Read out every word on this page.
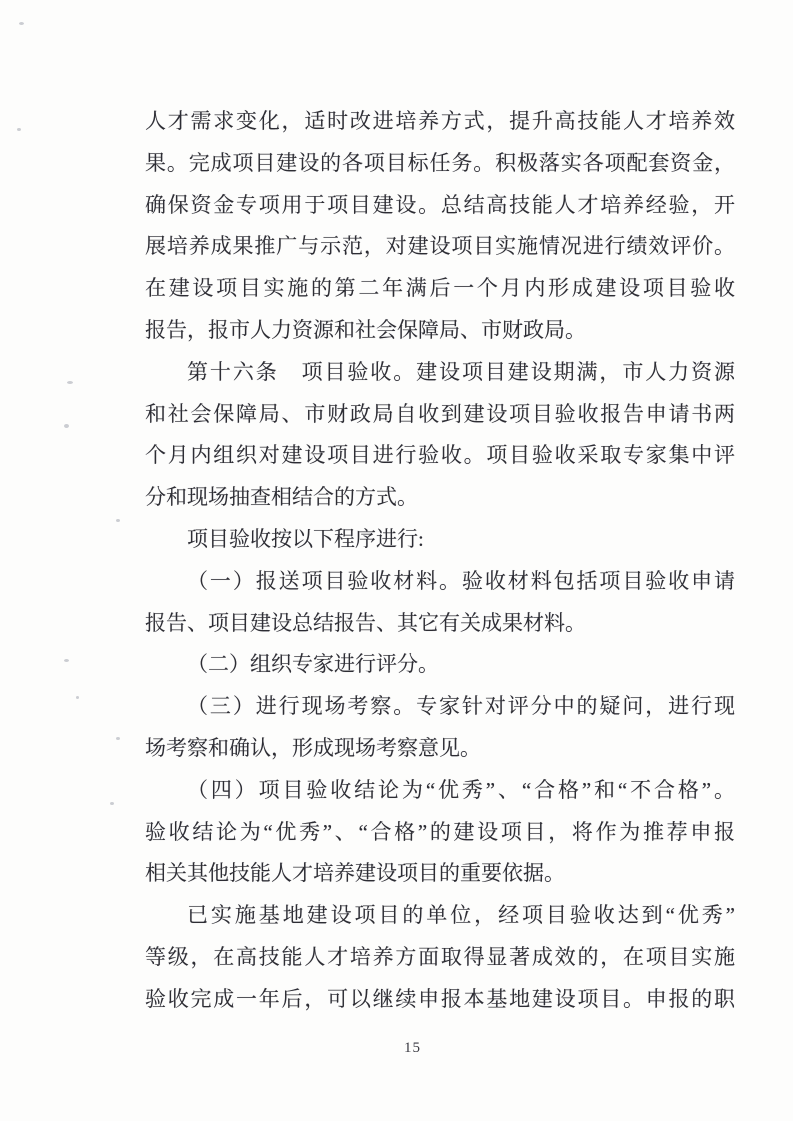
人才需求变化，适时改进培养方式，提升高技能人才培养效
果。完成项目建设的各项目标任务。积极落实各项配套资金，
确保资金专项用于项目建设。总结高技能人才培养经验，开
展培养成果推广与示范，对建设项目实施情况进行绩效评价。
在建设项目实施的第二年满后一个月内形成建设项目验收
报告，报市人力资源和社会保障局、市财政局。
第十六条　项目验收。建设项目建设期满，市人力资源
和社会保障局、市财政局自收到建设项目验收报告申请书两
个月内组织对建设项目进行验收。项目验收采取专家集中评
分和现场抽查相结合的方式。
项目验收按以下程序进行:
（一）报送项目验收材料。验收材料包括项目验收申请
报告、项目建设总结报告、其它有关成果材料。
（二）组织专家进行评分。
（三）进行现场考察。专家针对评分中的疑问，进行现
场考察和确认，形成现场考察意见。
（四）项目验收结论为“优秀”、“合格”和“不合格”。
验收结论为“优秀”、“合格”的建设项目，将作为推荐申报
相关其他技能人才培养建设项目的重要依据。
已实施基地建设项目的单位，经项目验收达到“优秀”
等级，在高技能人才培养方面取得显著成效的，在项目实施
验收完成一年后，可以继续申报本基地建设项目。申报的职
15
